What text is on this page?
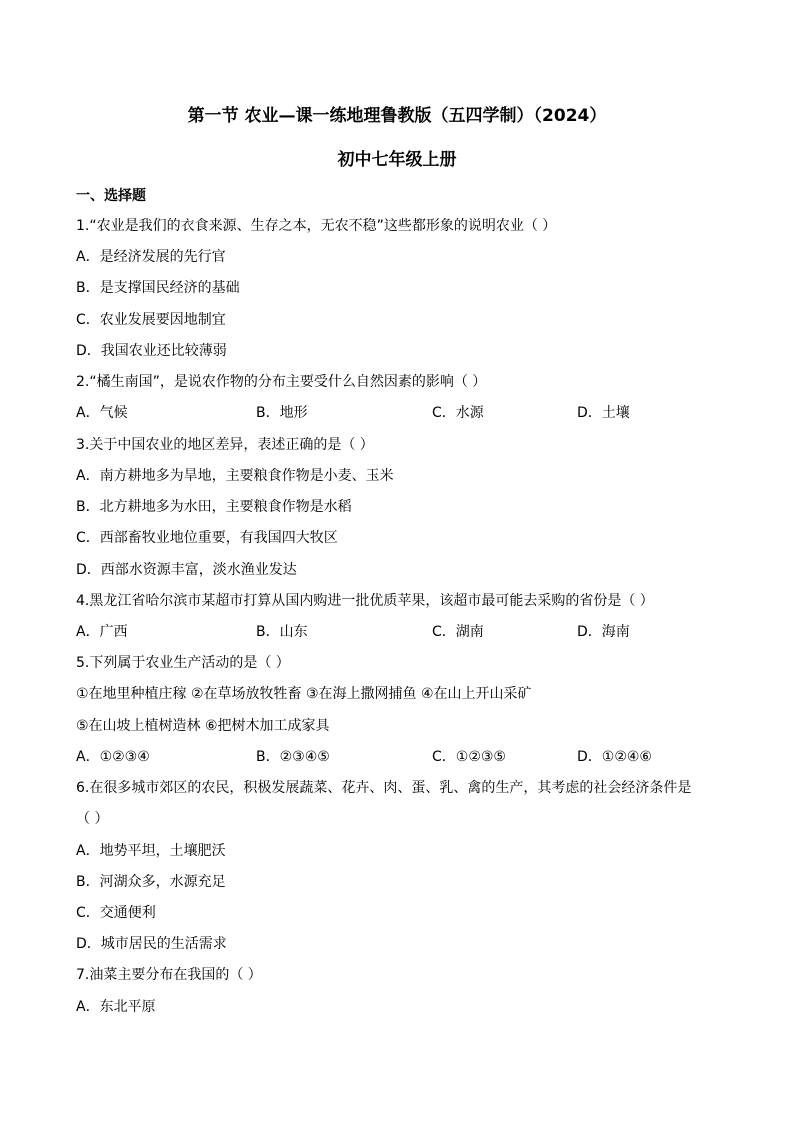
第一节 农业—课一练地理鲁教版（五四学制）（2024）
初中七年级上册
一、选择题
1.“农业是我们的衣食来源、生存之本，无农不稳”这些都形象的说明农业（ ）
A．是经济发展的先行官
B．是支撑国民经济的基础
C．农业发展要因地制宜
D．我国农业还比较薄弱
2.“橘生南国”，是说农作物的分布主要受什么自然因素的影响（ ）
A．气候	B．地形	C．水源	D．土壤
3.关于中国农业的地区差异，表述正确的是（ ）
A．南方耕地多为旱地，主要粮食作物是小麦、玉米
B．北方耕地多为水田，主要粮食作物是水稻
C．西部畜牧业地位重要，有我国四大牧区
D．西部水资源丰富，淡水渔业发达
4.黑龙江省哈尔滨市某超市打算从国内购进一批优质苹果，该超市最可能去采购的省份是（ ）
A．广西	B．山东	C．湖南	D．海南
5.下列属于农业生产活动的是（ ）
①在地里种植庄稼 ②在草场放牧牲畜 ③在海上撒网捕鱼 ④在山上开山采矿
⑤在山坡上植树造林 ⑥把树木加工成家具
A．①②③④	B．②③④⑤	C．①②③⑤	D．①②④⑥
6.在很多城市郊区的农民，积极发展蔬菜、花卉、肉、蛋、乳、禽的生产，其考虑的社会经济条件是
（ ）
A．地势平坦，土壤肥沃
B．河湖众多，水源充足
C．交通便利
D．城市居民的生活需求
7.油菜主要分布在我国的（ ）
A．东北平原
